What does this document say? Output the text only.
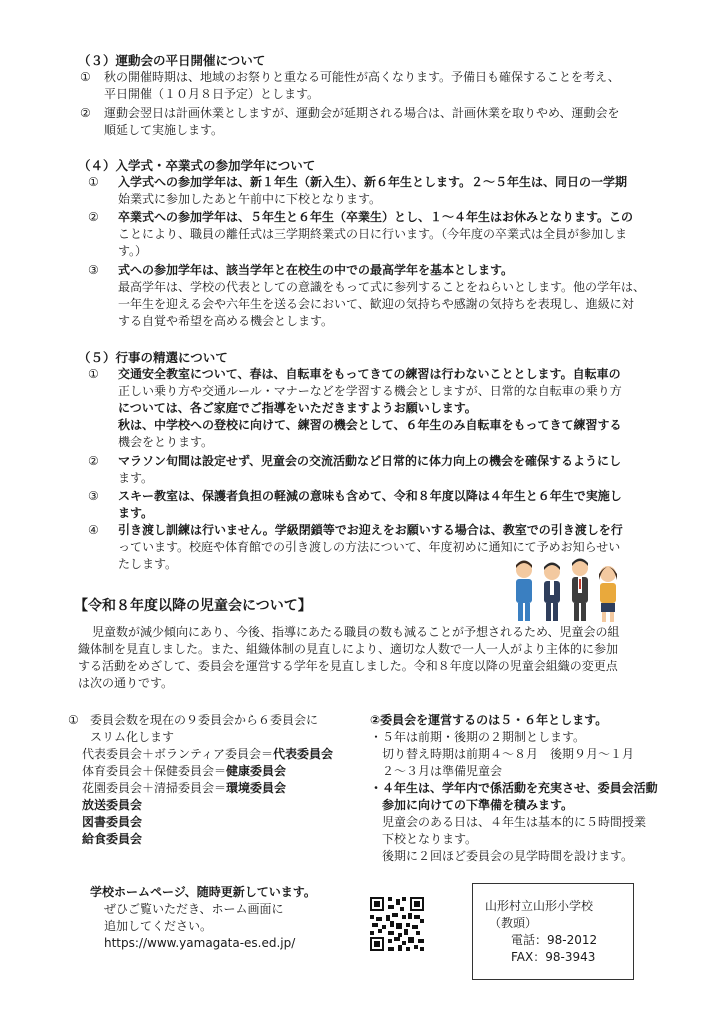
（３）運動会の平日開催について
① 秋の開催時期は、地域のお祭りと重なる可能性が高くなります。予備日も確保することを考え、
平日開催（１０月８日予定）とします。
② 運動会翌日は計画休業としますが、運動会が延期される場合は、計画休業を取りやめ、運動会を
順延して実施します。
（４）入学式・卒業式の参加学年について
① 入学式への参加学年は、新１年生（新入生）、新６年生とします。２～５年生は、同日の一学期
始業式に参加したあと午前中に下校となります。
② 卒業式への参加学年は、５年生と６年生（卒業生）とし、１～４年生はお休みとなります。この
ことにより、職員の離任式は三学期終業式の日に行います。（今年度の卒業式は全員が参加しま
す。）
③ 式への参加学年は、該当学年と在校生の中での最高学年を基本とします。
最高学年は、学校の代表としての意識をもって式に参列することをねらいとします。他の学年は、
一年生を迎える会や六年生を送る会において、歓迎の気持ちや感謝の気持ちを表現し、進級に対
する自覚や希望を高める機会とします。
（５）行事の精選について
① 交通安全教室について、春は、自転車をもってきての練習は行わないこととします。自転車の
正しい乗り方や交通ルール・マナーなどを学習する機会としますが、日常的な自転車の乗り方
については、各ご家庭でご指導をいただきますようお願いします。
秋は、中学校への登校に向けて、練習の機会として、６年生のみ自転車をもってきて練習する
機会をとります。
② マラソン旬間は設定せず、児童会の交流活動など日常的に体力向上の機会を確保するようにし
ます。
③ スキー教室は、保護者負担の軽減の意味も含めて、令和８年度以降は４年生と６年生で実施し
ます。
④ 引き渡し訓練は行いません。学級閉鎖等でお迎えをお願いする場合は、教室での引き渡しを行
っています。校庭や体育館での引き渡しの方法について、年度初めに通知にて予めお知らせい
たします。
【令和８年度以降の児童会について】
児童数が減少傾向にあり、今後、指導にあたる職員の数も減ることが予想されるため、児童会の組
織体制を見直しました。また、組織体制の見直しにより、適切な人数で一人一人がより主体的に参加
する活動をめざして、委員会を運営する学年を見直しました。令和８年度以降の児童会組織の変更点
は次の通りです。
① 委員会数を現在の９委員会から６委員会に
スリム化します
代表委員会＋ボランティア委員会＝代表委員会
体育委員会＋保健委員会＝健康委員会
花園委員会＋清掃委員会＝環境委員会
放送委員会
図書委員会
給食委員会
②委員会を運営するのは５・６年とします。
・５年は前期・後期の２期制とします。
　切り替え時期は前期４～８月　後期９月～１月
　２～３月は準備児童会
・４年生は、学年内で係活動を充実させ、委員会活動
　参加に向けての下準備を積みます。
　児童会のある日は、４年生は基本的に５時間授業
　下校となります。
　後期に２回ほど委員会の見学時間を設けます。
学校ホームページ、随時更新しています。
ぜひご覧いただき、ホーム画面に
追加してください。
https://www.yamagata-es.ed.jp/
山形村立山形小学校
（教頭）
電話：98-2012
FAX：98-3943
